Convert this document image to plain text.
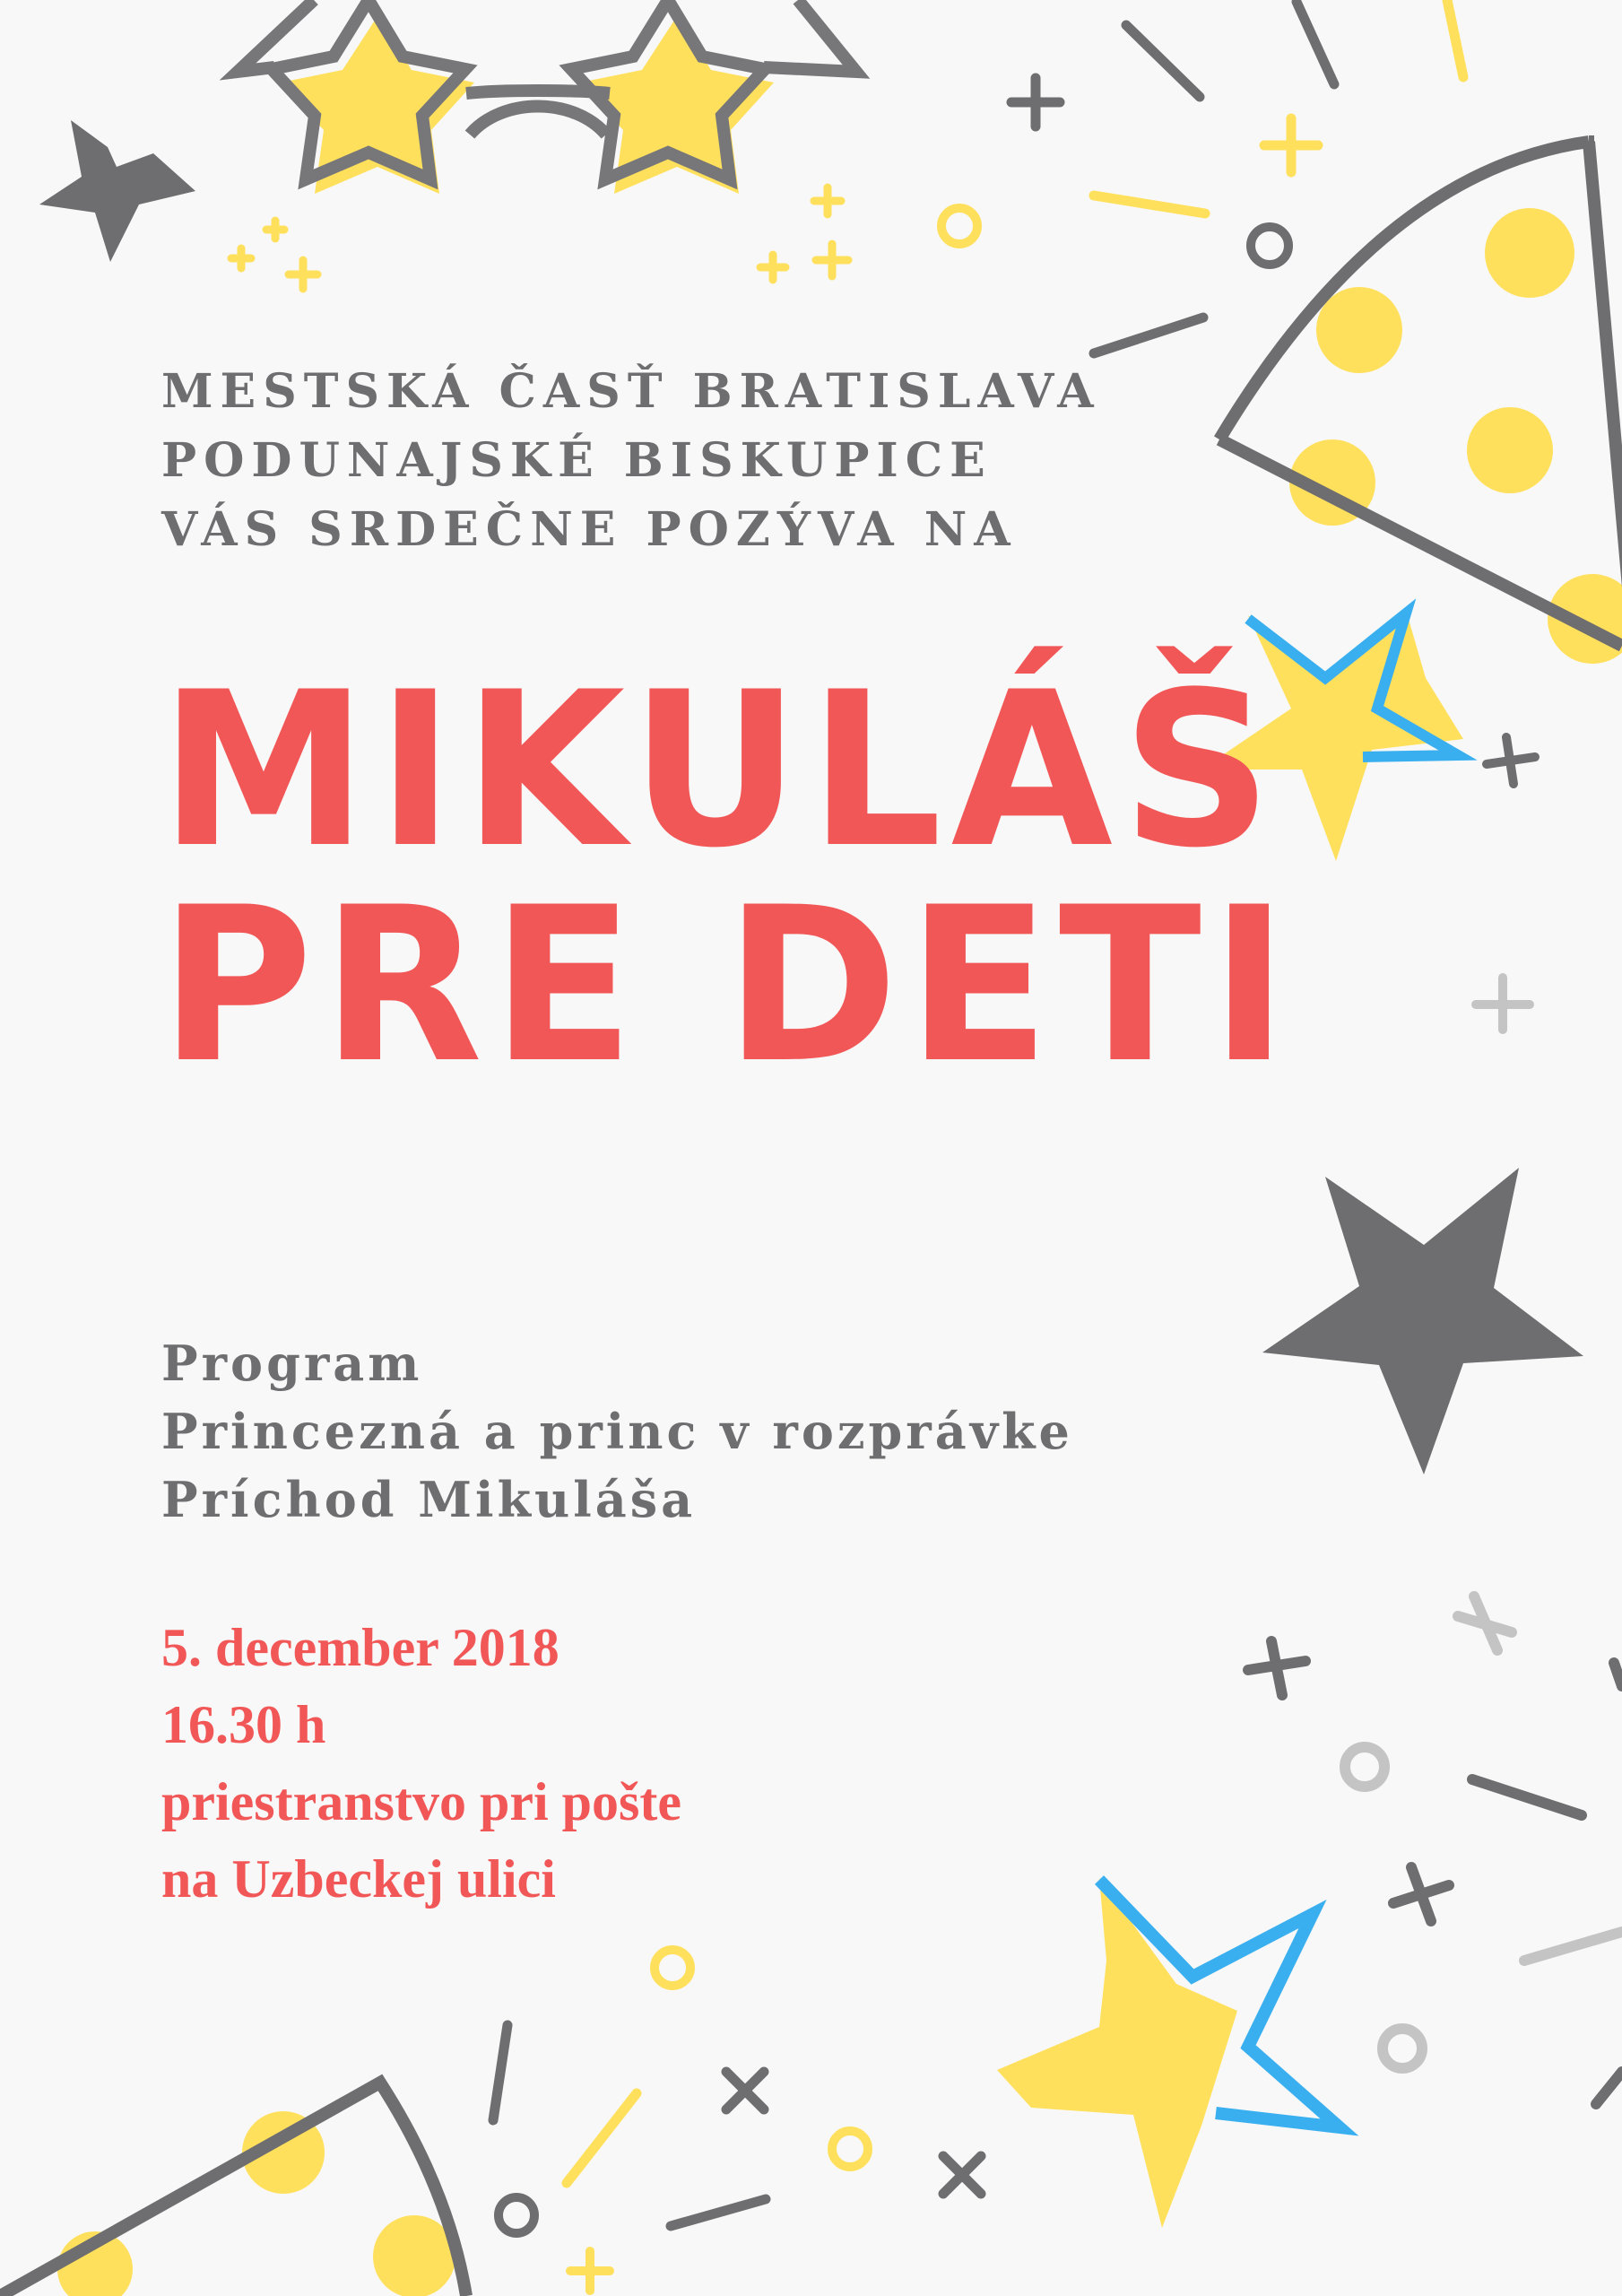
MESTSKÁ ČASŤ BRATISLAVA
PODUNAJSKÉ BISKUPICE
VÁS SRDEČNE POZÝVA NA
MIKULÁŠ
PRE DETI
Program
Princezná a princ v rozprávke
Príchod Mikuláša
5. december 2018
16.30 h
priestranstvo pri pošte
na Uzbeckej ulici
